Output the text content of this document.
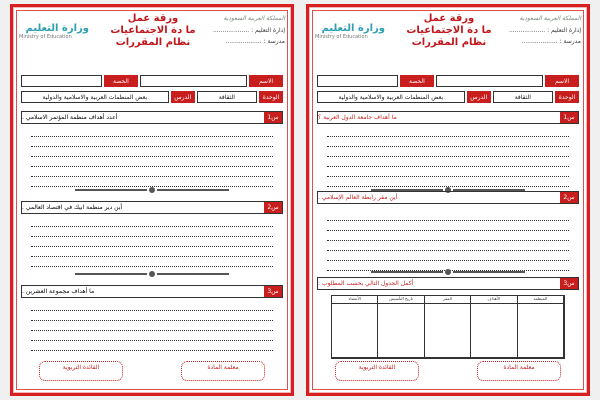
المملكة العربية السعودية
إدارة التعليم : ...................
مدرسة : ...................
ورقة عمل
ما دة الاجتماعيات
نظام المقررات
وزارة التعليم
Ministry of Education
الحصة	الاسم
بعض المنظمات العربية والاسلامية والدولية	الدرس	الثقافة	الوحدة
أعدد أهداف منظمة المؤتمر الاسلامي .	س1
أين دير منظمة ابيك في اقتصاد العالمي .	س2
ما أهداف مجموعة العشرين .	س3
القائدة التربوية	معلمة المادة
المملكة العربية السعودية
إدارة التعليم : ...................
مدرسة : ...................
ورقة عمل
ما دة الاجتماعيات
نظام المقررات
وزارة التعليم
Ministry of Education
الحصة	الاسم
بعض المنظمات العربية والاسلامية والدولية	الدرس	الثقافة	الوحدة
ما أهداف جامعة الدول العربية ؟	س1
أين مقر رابطة العالم الإسلامي .	س2
أكمل الجدول التالي بحسب المطلوب :	س3
الأعضاء	تاريخ التأسيس	المقر	الأهداف	المنظمة
القائدة التربوية	معلمة المادة
